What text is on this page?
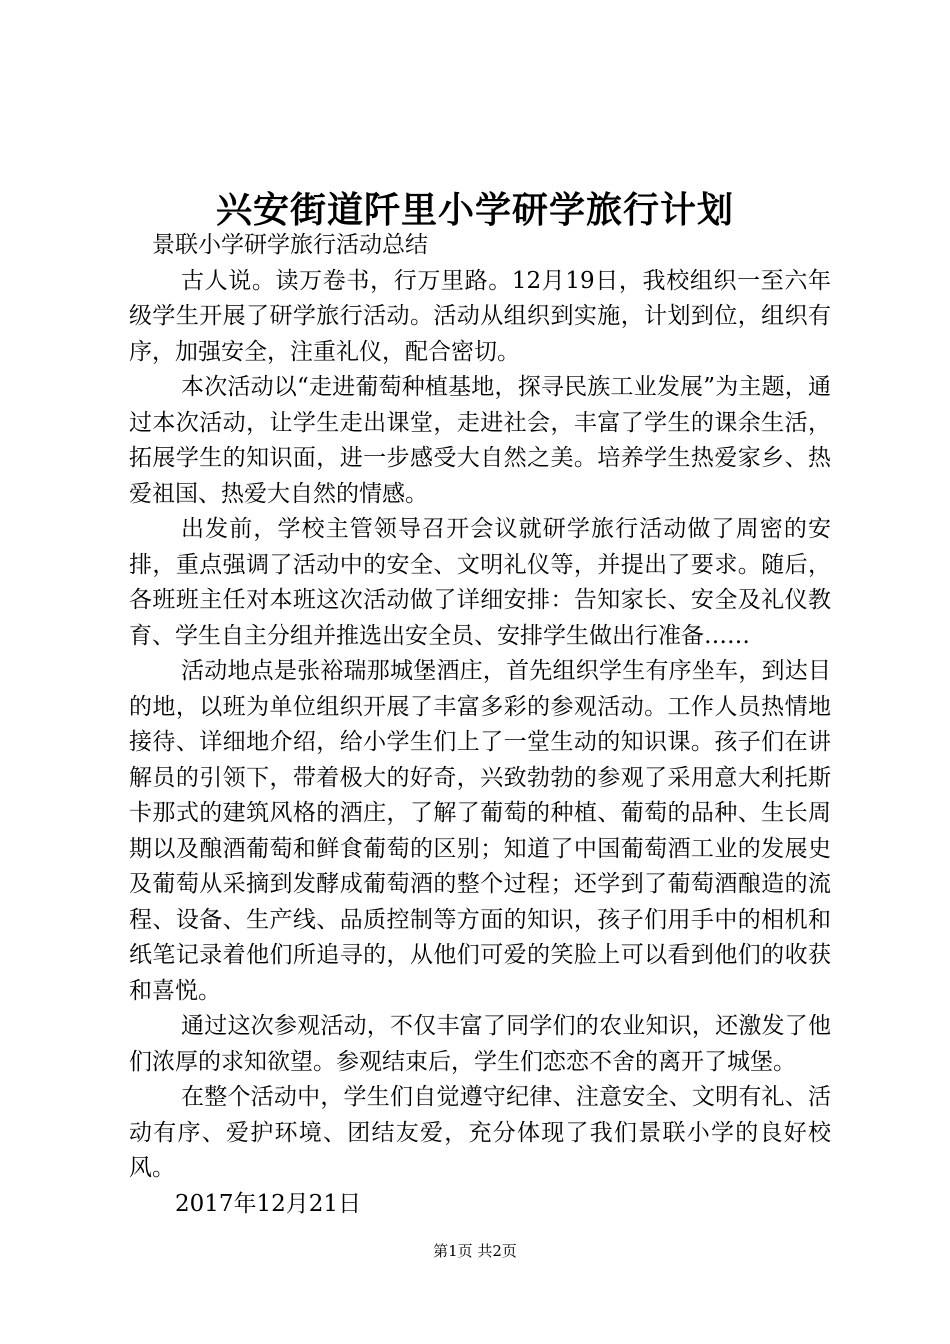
兴安街道阡里小学研学旅行计划

景联小学研学旅行活动总结

古人说。读万卷书，行万里路。12月19日，我校组织一至六年级学生开展了研学旅行活动。活动从组织到实施，计划到位，组织有序，加强安全，注重礼仪，配合密切。

本次活动以“走进葡萄种植基地，探寻民族工业发展”为主题，通过本次活动，让学生走出课堂，走进社会，丰富了学生的课余生活，拓展学生的知识面，进一步感受大自然之美。培养学生热爱家乡、热爱祖国、热爱大自然的情感。

出发前，学校主管领导召开会议就研学旅行活动做了周密的安排，重点强调了活动中的安全、文明礼仪等，并提出了要求。随后，各班班主任对本班这次活动做了详细安排：告知家长、安全及礼仪教育、学生自主分组并推选出安全员、安排学生做出行准备……

活动地点是张裕瑞那城堡酒庄，首先组织学生有序坐车，到达目的地，以班为单位组织开展了丰富多彩的参观活动。工作人员热情地接待、详细地介绍，给小学生们上了一堂生动的知识课。孩子们在讲解员的引领下，带着极大的好奇，兴致勃勃的参观了采用意大利托斯卡那式的建筑风格的酒庄，了解了葡萄的种植、葡萄的品种、生长周期以及酿酒葡萄和鲜食葡萄的区别；知道了中国葡萄酒工业的发展史及葡萄从采摘到发酵成葡萄酒的整个过程；还学到了葡萄酒酿造的流程、设备、生产线、品质控制等方面的知识，孩子们用手中的相机和纸笔记录着他们所追寻的，从他们可爱的笑脸上可以看到他们的收获和喜悦。

通过这次参观活动，不仅丰富了同学们的农业知识，还激发了他们浓厚的求知欲望。参观结束后，学生们恋恋不舍的离开了城堡。

在整个活动中，学生们自觉遵守纪律、注意安全、文明有礼、活动有序、爱护环境、团结友爱，充分体现了我们景联小学的良好校风。

2017年12月21日

第1页 共2页
